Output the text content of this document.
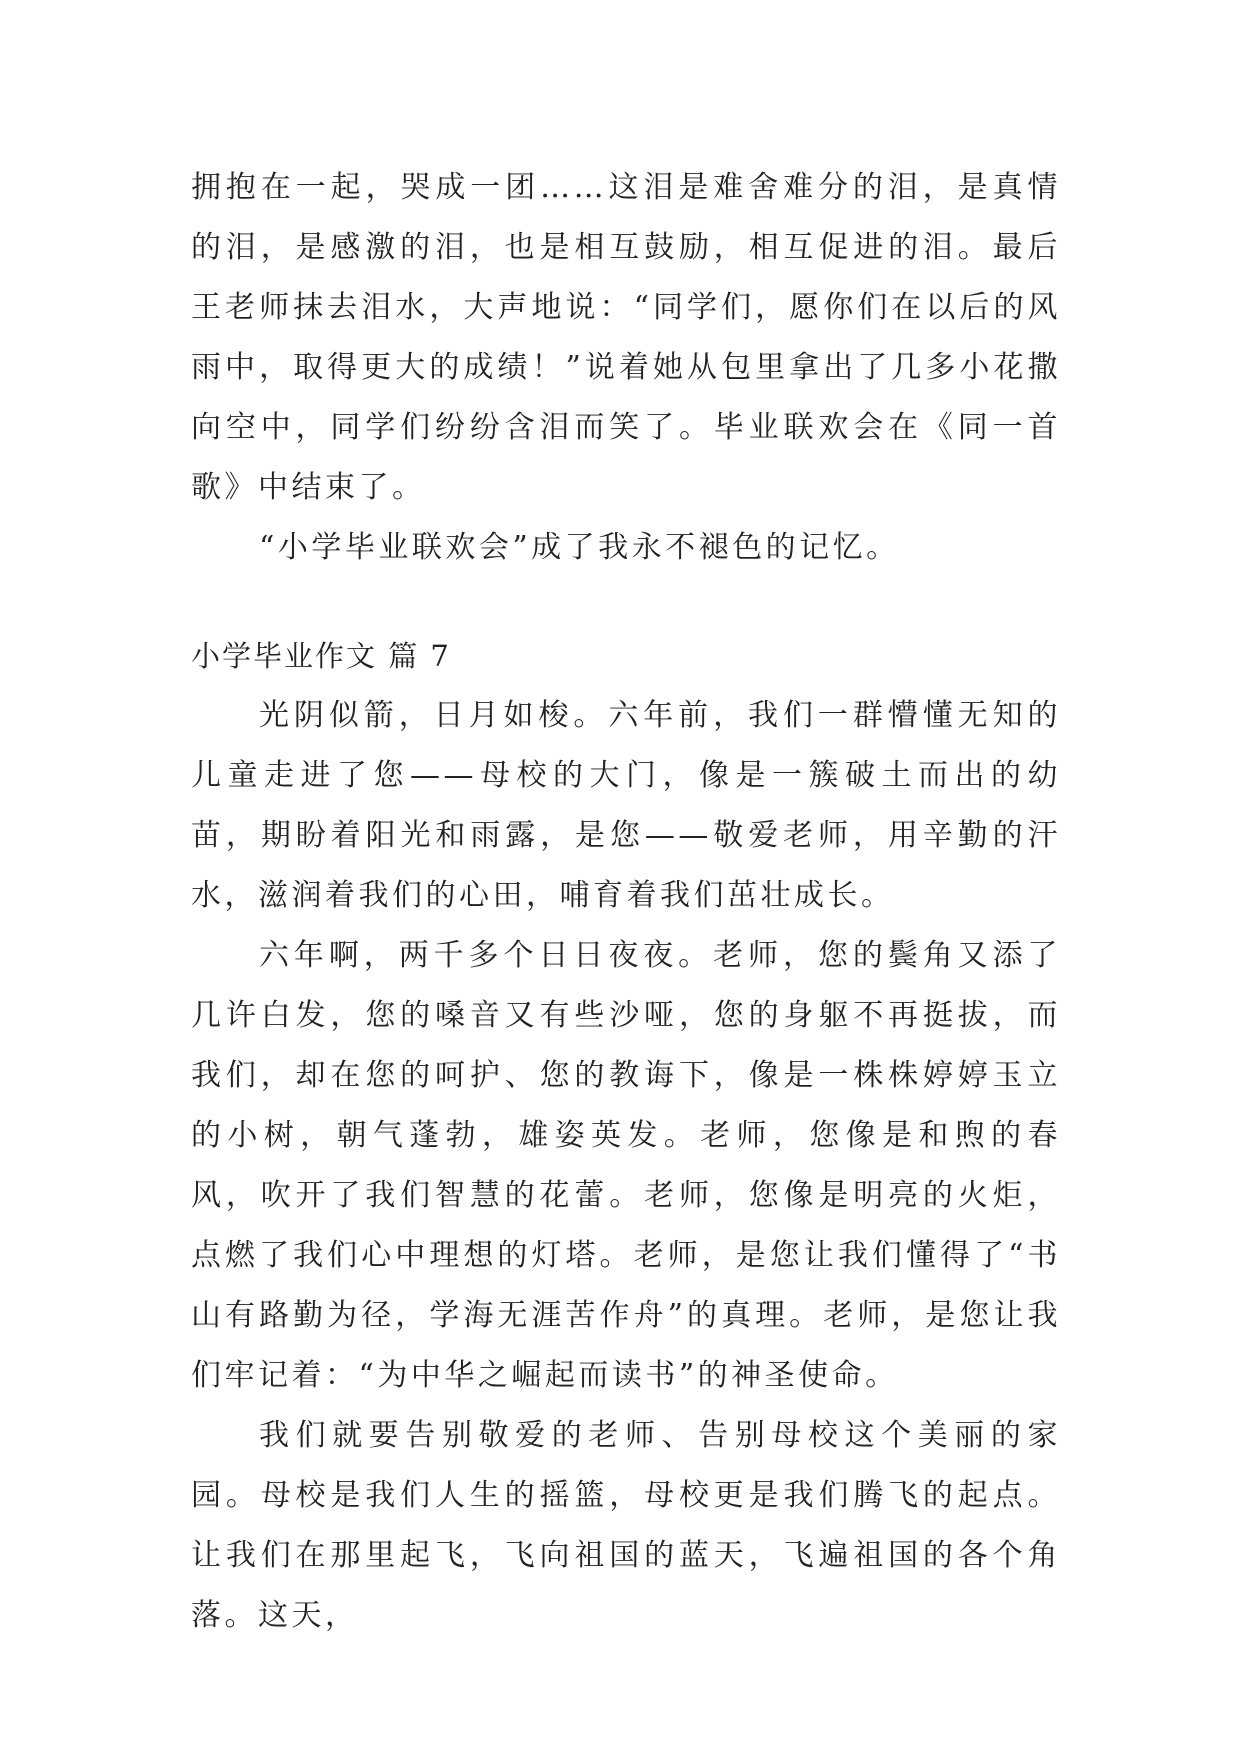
拥抱在一起，哭成一团……这泪是难舍难分的泪，是真情的泪，是感激的泪，也是相互鼓励，相互促进的泪。最后王老师抹去泪水，大声地说：“同学们，愿你们在以后的风雨中，取得更大的成绩！”说着她从包里拿出了几多小花撒向空中，同学们纷纷含泪而笑了。毕业联欢会在《同一首歌》中结束了。

“小学毕业联欢会”成了我永不褪色的记忆。

小学毕业作文 篇 7

光阴似箭，日月如梭。六年前，我们一群懵懂无知的儿童走进了您——母校的大门，像是一簇破土而出的幼苗，期盼着阳光和雨露，是您——敬爱老师，用辛勤的汗水，滋润着我们的心田，哺育着我们茁壮成长。

六年啊，两千多个日日夜夜。老师，您的鬓角又添了几许白发，您的嗓音又有些沙哑，您的身躯不再挺拔，而我们，却在您的呵护、您的教诲下，像是一株株婷婷玉立的小树，朝气蓬勃，雄姿英发。老师，您像是和煦的春风，吹开了我们智慧的花蕾。老师，您像是明亮的火炬，点燃了我们心中理想的灯塔。老师，是您让我们懂得了“书山有路勤为径，学海无涯苦作舟”的真理。老师，是您让我们牢记着：“为中华之崛起而读书”的神圣使命。

我们就要告别敬爱的老师、告别母校这个美丽的家园。母校是我们人生的摇篮，母校更是我们腾飞的起点。让我们在那里起飞，飞向祖国的蓝天，飞遍祖国的各个角落。这天，
